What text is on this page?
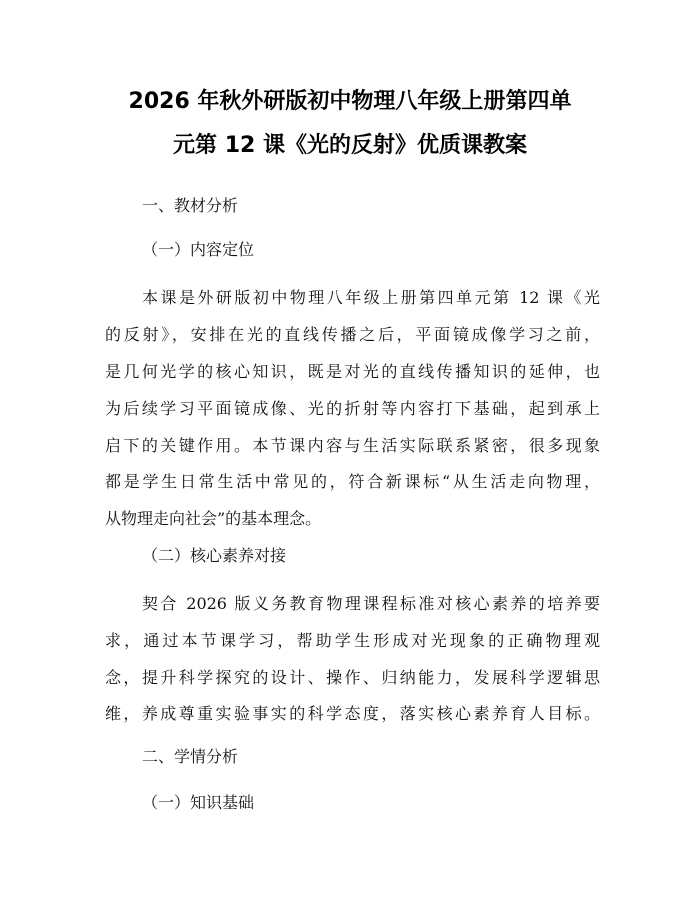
2026 年秋外研版初中物理八年级上册第四单
元第 12 课《光的反射》优质课教案
一、教材分析
（一）内容定位
本课是外研版初中物理八年级上册第四单元第 12 课《光
的反射》，安排在光的直线传播之后，平面镜成像学习之前，
是几何光学的核心知识，既是对光的直线传播知识的延伸，也
为后续学习平面镜成像、光的折射等内容打下基础，起到承上
启下的关键作用。本节课内容与生活实际联系紧密，很多现象
都是学生日常生活中常见的，符合新课标“从生活走向物理，
从物理走向社会”的基本理念。
（二）核心素养对接
契合 2026 版义务教育物理课程标准对核心素养的培养要
求，通过本节课学习，帮助学生形成对光现象的正确物理观
念，提升科学探究的设计、操作、归纳能力，发展科学逻辑思
维，养成尊重实验事实的科学态度，落实核心素养育人目标。
二、学情分析
（一）知识基础
